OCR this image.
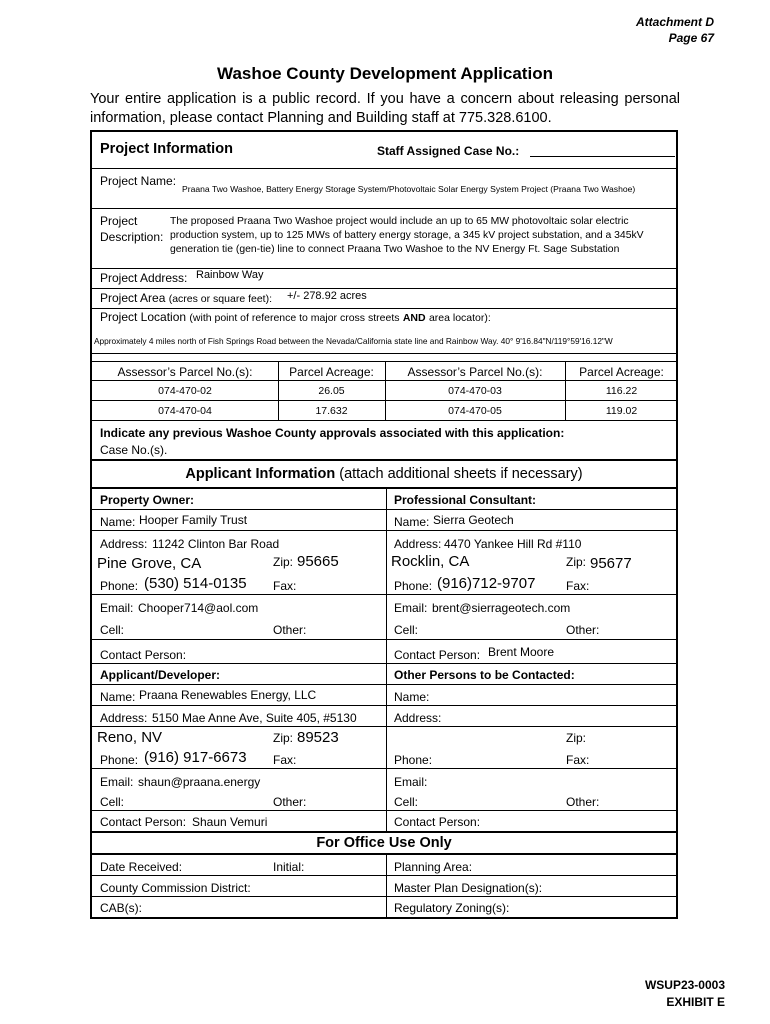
Attachment D
Page 67
Washoe County Development Application
Your entire application is a public record. If you have a concern about releasing personal information, please contact Planning and Building staff at 775.328.6100.
Project Information	Staff Assigned Case No.:
Project Name:
Praana Two Washoe, Battery Energy Storage System/Photovoltaic Solar Energy System Project (Praana Two Washoe)
Project
Description:
The proposed Praana Two Washoe project would include an up to 65 MW photovoltaic solar electric
production system, up to 125 MWs of battery energy storage, a 345 kV project substation, and a 345kV
generation tie (gen-tie) line to connect Praana Two Washoe to the NV Energy Ft. Sage Substation
Project Address: Rainbow Way
Project Area (acres or square feet): +/- 278.92 acres
Project Location (with point of reference to major cross streets AND area locator):
Approximately 4 miles north of Fish Springs Road between the Nevada/California state line and Rainbow Way. 40° 9'16.84"N/119°59'16.12"W
Assessor’s Parcel No.(s):	Parcel Acreage:	Assessor’s Parcel No.(s):	Parcel Acreage:
074-470-02	26.05	074-470-03	116.22
074-470-04	17.632	074-470-05	119.02
Indicate any previous Washoe County approvals associated with this application:
Case No.(s).
Applicant Information (attach additional sheets if necessary)
Property Owner:	Professional Consultant:
Name: Hooper Family Trust	Name: Sierra Geotech
Address: 11242 Clinton Bar Road	Address: 4470 Yankee Hill Rd #110
Pine Grove, CA	Zip: 95665	Rocklin, CA	Zip: 95677
Phone: (530) 514-0135 Fax:	Phone: (916)712-9707	Fax:
Email: Chooper714@aol.com	Email: brent@sierrageotech.com
Cell:	Other:	Cell:	Other:
Contact Person:	Contact Person: Brent Moore
Applicant/Developer:	Other Persons to be Contacted:
Name: Praana Renewables Energy, LLC	Name:
Address: 5150 Mae Anne Ave, Suite 405, #5130	Address:
Reno, NV	Zip: 89523	Zip:
Phone: (916) 917-6673 Fax:	Phone:	Fax:
Email: shaun@praana.energy	Email:
Cell:	Other:	Cell:	Other:
Contact Person: Shaun Vemuri	Contact Person:
For Office Use Only
Date Received:	Initial:	Planning Area:
County Commission District:	Master Plan Designation(s):
CAB(s):	Regulatory Zoning(s):
WSUP23-0003
EXHIBIT E
